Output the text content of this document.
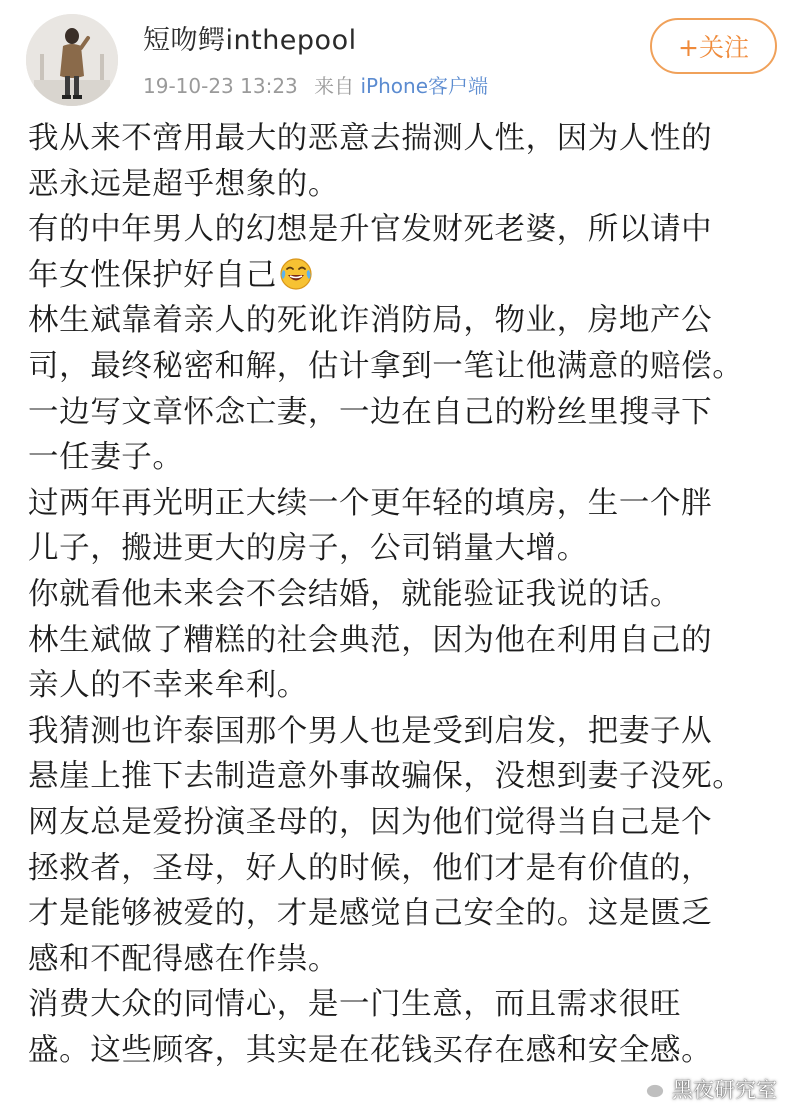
短吻鳄inthepool
19-10-23 13:23 来自 iPhone客户端
+关注
我从来不啻用最大的恶意去揣测人性，因为人性的
恶永远是超乎想象的。
有的中年男人的幻想是升官发财死老婆，所以请中
年女性保护好自己
林生斌靠着亲人的死讹诈消防局，物业，房地产公
司，最终秘密和解，估计拿到一笔让他满意的赔偿。
一边写文章怀念亡妻，一边在自己的粉丝里搜寻下
一任妻子。
过两年再光明正大续一个更年轻的填房，生一个胖
儿子，搬进更大的房子，公司销量大增。
你就看他未来会不会结婚，就能验证我说的话。
林生斌做了糟糕的社会典范，因为他在利用自己的
亲人的不幸来牟利。
我猜测也许泰国那个男人也是受到启发，把妻子从
悬崖上推下去制造意外事故骗保，没想到妻子没死。
网友总是爱扮演圣母的，因为他们觉得当自己是个
拯救者，圣母，好人的时候，他们才是有价值的，
才是能够被爱的，才是感觉自己安全的。这是匮乏
感和不配得感在作祟。
消费大众的同情心，是一门生意，而且需求很旺
盛。这些顾客，其实是在花钱买存在感和安全感。
黑夜研究室
